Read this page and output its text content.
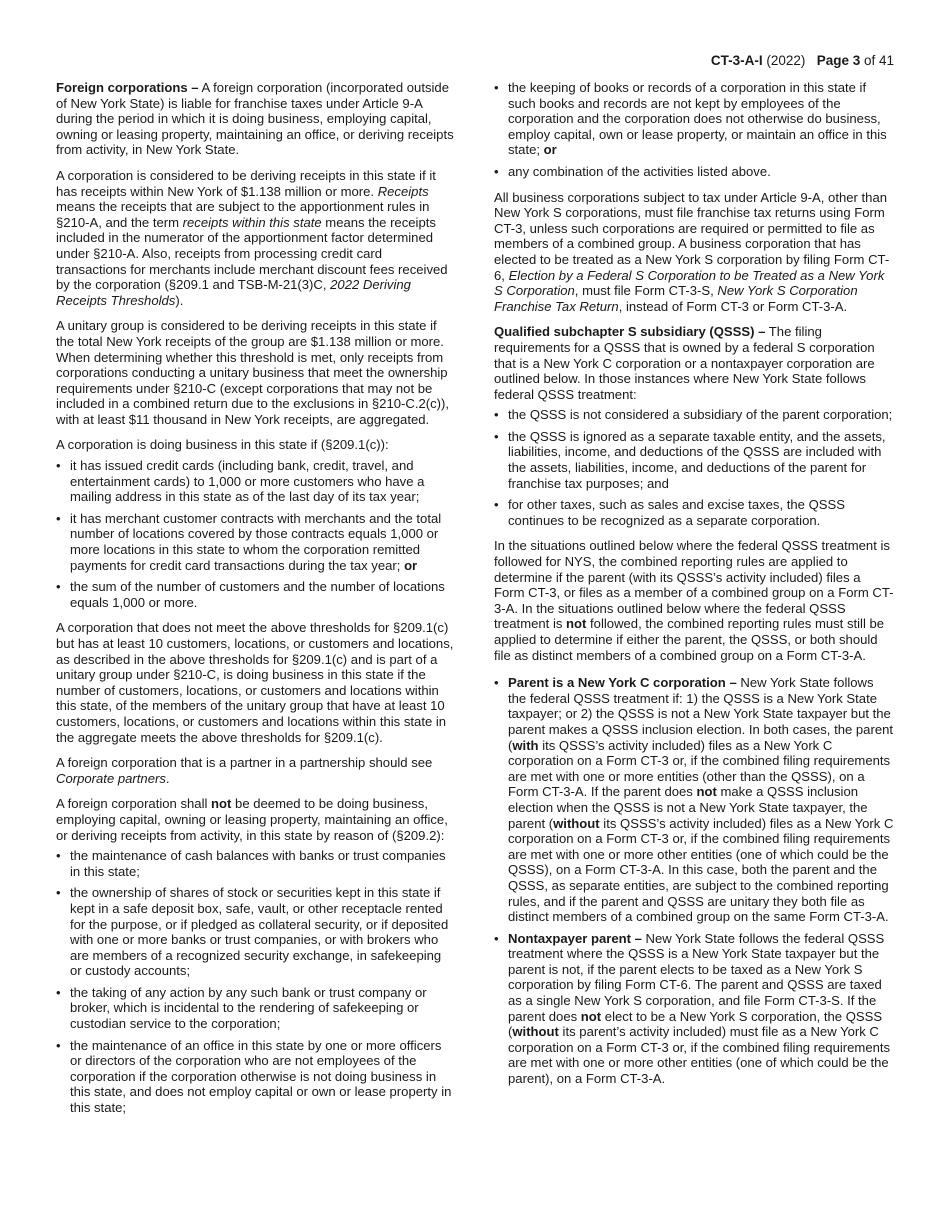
CT-3-A-I (2022) Page 3 of 41

Foreign corporations – A foreign corporation (incorporated outside of New York State) is liable for franchise taxes under Article 9-A during the period in which it is doing business, employing capital, owning or leasing property, maintaining an office, or deriving receipts from activity, in New York State.

A corporation is considered to be deriving receipts in this state if it has receipts within New York of $1.138 million or more. Receipts means the receipts that are subject to the apportionment rules in §210-A, and the term receipts within this state means the receipts included in the numerator of the apportionment factor determined under §210-A. Also, receipts from processing credit card transactions for merchants include merchant discount fees received by the corporation (§209.1 and TSB-M-21(3)C, 2022 Deriving Receipts Thresholds).

A unitary group is considered to be deriving receipts in this state if the total New York receipts of the group are $1.138 million or more. When determining whether this threshold is met, only receipts from corporations conducting a unitary business that meet the ownership requirements under §210-C (except corporations that may not be included in a combined return due to the exclusions in §210-C.2(c)), with at least $11 thousand in New York receipts, are aggregated.

A corporation is doing business in this state if (§209.1(c)):

• it has issued credit cards (including bank, credit, travel, and entertainment cards) to 1,000 or more customers who have a mailing address in this state as of the last day of its tax year;
• it has merchant customer contracts with merchants and the total number of locations covered by those contracts equals 1,000 or more locations in this state to whom the corporation remitted payments for credit card transactions during the tax year; or
• the sum of the number of customers and the number of locations equals 1,000 or more.

A corporation that does not meet the above thresholds for §209.1(c) but has at least 10 customers, locations, or customers and locations, as described in the above thresholds for §209.1(c) and is part of a unitary group under §210-C, is doing business in this state if the number of customers, locations, or customers and locations within this state, of the members of the unitary group that have at least 10 customers, locations, or customers and locations within this state in the aggregate meets the above thresholds for §209.1(c).

A foreign corporation that is a partner in a partnership should see Corporate partners.

A foreign corporation shall not be deemed to be doing business, employing capital, owning or leasing property, maintaining an office, or deriving receipts from activity, in this state by reason of (§209.2):

• the maintenance of cash balances with banks or trust companies in this state;
• the ownership of shares of stock or securities kept in this state if kept in a safe deposit box, safe, vault, or other receptacle rented for the purpose, or if pledged as collateral security, or if deposited with one or more banks or trust companies, or with brokers who are members of a recognized security exchange, in safekeeping or custody accounts;
• the taking of any action by any such bank or trust company or broker, which is incidental to the rendering of safekeeping or custodian service to the corporation;
• the maintenance of an office in this state by one or more officers or directors of the corporation who are not employees of the corporation if the corporation otherwise is not doing business in this state, and does not employ capital or own or lease property in this state;
• the keeping of books or records of a corporation in this state if such books and records are not kept by employees of the corporation and the corporation does not otherwise do business, employ capital, own or lease property, or maintain an office in this state; or
• any combination of the activities listed above.

All business corporations subject to tax under Article 9-A, other than New York S corporations, must file franchise tax returns using Form CT-3, unless such corporations are required or permitted to file as members of a combined group. A business corporation that has elected to be treated as a New York S corporation by filing Form CT-6, Election by a Federal S Corporation to be Treated as a New York S Corporation, must file Form CT-3-S, New York S Corporation Franchise Tax Return, instead of Form CT-3 or Form CT-3-A.

Qualified subchapter S subsidiary (QSSS) – The filing requirements for a QSSS that is owned by a federal S corporation that is a New York C corporation or a nontaxpayer corporation are outlined below. In those instances where New York State follows federal QSSS treatment:

• the QSSS is not considered a subsidiary of the parent corporation;
• the QSSS is ignored as a separate taxable entity, and the assets, liabilities, income, and deductions of the QSSS are included with the assets, liabilities, income, and deductions of the parent for franchise tax purposes; and
• for other taxes, such as sales and excise taxes, the QSSS continues to be recognized as a separate corporation.

In the situations outlined below where the federal QSSS treatment is followed for NYS, the combined reporting rules are applied to determine if the parent (with its QSSS’s activity included) files a Form CT-3, or files as a member of a combined group on a Form CT-3-A. In the situations outlined below where the federal QSSS treatment is not followed, the combined reporting rules must still be applied to determine if either the parent, the QSSS, or both should file as distinct members of a combined group on a Form CT-3-A.

• Parent is a New York C corporation – New York State follows the federal QSSS treatment if: 1) the QSSS is a New York State taxpayer; or 2) the QSSS is not a New York State taxpayer but the parent makes a QSSS inclusion election. In both cases, the parent (with its QSSS’s activity included) files as a New York C corporation on a Form CT-3 or, if the combined filing requirements are met with one or more entities (other than the QSSS), on a Form CT-3-A. If the parent does not make a QSSS inclusion election when the QSSS is not a New York State taxpayer, the parent (without its QSSS’s activity included) files as a New York C corporation on a Form CT-3 or, if the combined filing requirements are met with one or more other entities (one of which could be the QSSS), on a Form CT-3-A. In this case, both the parent and the QSSS, as separate entities, are subject to the combined reporting rules, and if the parent and QSSS are unitary they both file as distinct members of a combined group on the same Form CT-3-A.
• Nontaxpayer parent – New York State follows the federal QSSS treatment where the QSSS is a New York State taxpayer but the parent is not, if the parent elects to be taxed as a New York S corporation by filing Form CT-6. The parent and QSSS are taxed as a single New York S corporation, and file Form CT-3-S. If the parent does not elect to be a New York S corporation, the QSSS (without its parent’s activity included) must file as a New York C corporation on a Form CT-3 or, if the combined filing requirements are met with one or more other entities (one of which could be the parent), on a Form CT-3-A.
